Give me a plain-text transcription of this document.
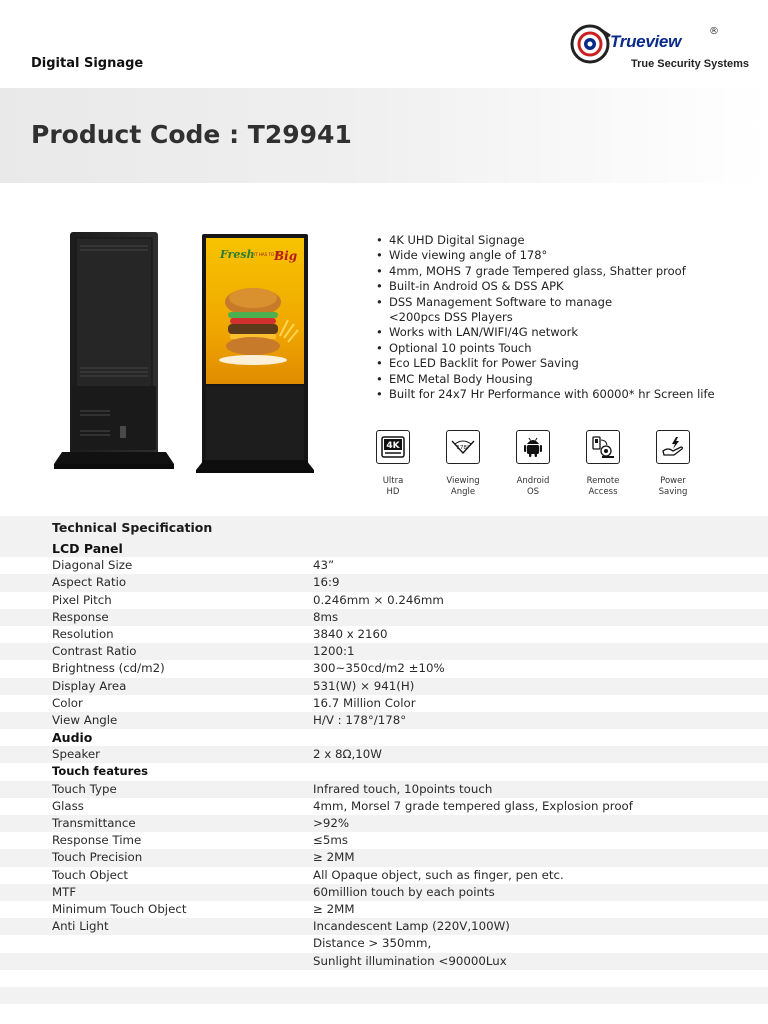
Digital Signage
Trueview
®
True Security Systems
Product Code : T29941
Fresh IT HAS TO BE
Big
• 4K UHD Digital Signage
• Wide viewing angle of 178°
• 4mm, MOHS 7 grade Tempered glass, Shatter proof
• Built-in Android OS & DSS APK
• DSS Management Software to manage
<200pcs DSS Players
• Works with LAN/WIFI/4G network
• Optional 10 points Touch
• Eco LED Backlit for Power Saving
• EMC Metal Body Housing
• Built for 24x7 Hr Performance with 60000* hr Screen life
4K
Ultra
HD
178°
Viewing
Angle
Android
OS
Remote
Access
Power
Saving
Technical Specification
LCD Panel
Diagonal Size	43”
Aspect Ratio	16:9
Pixel Pitch	0.246mm × 0.246mm
Response	8ms
Resolution	3840 x 2160
Contrast Ratio	1200:1
Brightness (cd/m2)	300~350cd/m2 ±10%
Display Area	531(W) × 941(H)
Color	16.7 Million Color
View Angle	H/V : 178°/178°
Audio
Speaker	2 x 8Ω,10W
Touch features
Touch Type	Infrared touch, 10points touch
Glass	4mm, Morsel 7 grade tempered glass, Explosion proof
Transmittance	>92%
Response Time	≤5ms
Touch Precision	≥ 2MM
Touch Object	All Opaque object, such as finger, pen etc.
MTF	60million touch by each points
Minimum Touch Object	≥ 2MM
Anti Light	Incandescent Lamp (220V,100W)
Distance > 350mm,
Sunlight illumination <90000Lux
